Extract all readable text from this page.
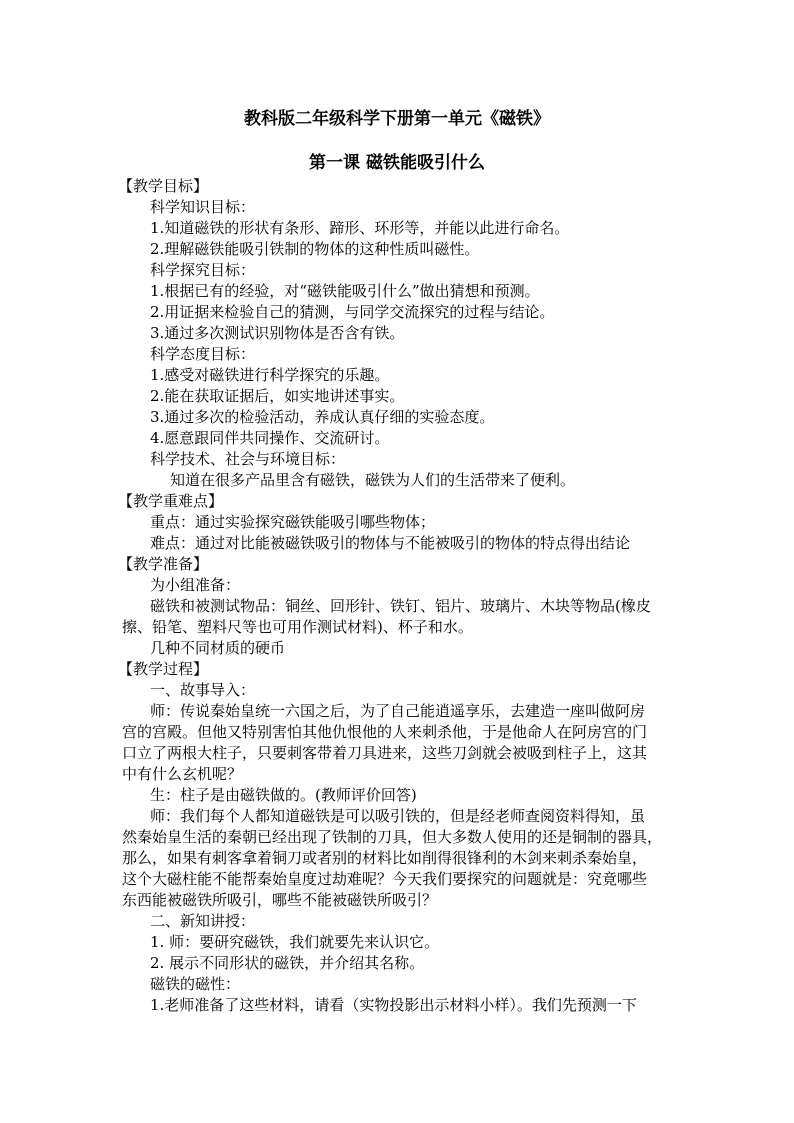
教科版二年级科学下册第一单元《磁铁》
第一课 磁铁能吸引什么
【教学目标】
科学知识目标：
1.知道磁铁的形状有条形、蹄形、环形等，并能以此进行命名。
2.理解磁铁能吸引铁制的物体的这种性质叫磁性。
科学探究目标：
1.根据已有的经验，对“磁铁能吸引什么”做出猜想和预测。
2.用证据来检验自己的猜测，与同学交流探究的过程与结论。
3.通过多次测试识别物体是否含有铁。
科学态度目标：
1.感受对磁铁进行科学探究的乐趣。
2.能在获取证据后，如实地讲述事实。
3.通过多次的检验活动，养成认真仔细的实验态度。
4.愿意跟同伴共同操作、交流研讨。
科学技术、社会与环境目标：
知道在很多产品里含有磁铁，磁铁为人们的生活带来了便利。
【教学重难点】
重点：通过实验探究磁铁能吸引哪些物体；
难点：通过对比能被磁铁吸引的物体与不能被吸引的物体的特点得出结论
【教学准备】
为小组准备：
磁铁和被测试物品：铜丝、回形针、铁钉、铝片、玻璃片、木块等物品(橡皮
擦、铅笔、塑料尺等也可用作测试材料)、杯子和水。
几种不同材质的硬币
【教学过程】
一、故事导入：
师：传说秦始皇统一六国之后，为了自己能逍遥享乐，去建造一座叫做阿房
宫的宫殿。但他又特别害怕其他仇恨他的人来刺杀他，于是他命人在阿房宫的门
口立了两根大柱子，只要刺客带着刀具进来，这些刀剑就会被吸到柱子上，这其
中有什么玄机呢？
生：柱子是由磁铁做的。(教师评价回答)
师：我们每个人都知道磁铁是可以吸引铁的，但是经老师查阅资料得知，虽
然秦始皇生活的秦朝已经出现了铁制的刀具，但大多数人使用的还是铜制的器具，
那么，如果有刺客拿着铜刀或者别的材料比如削得很锋利的木剑来刺杀秦始皇，
这个大磁柱能不能帮秦始皇度过劫难呢？今天我们要探究的问题就是：究竟哪些
东西能被磁铁所吸引，哪些不能被磁铁所吸引？
二、新知讲授：
1. 师：要研究磁铁，我们就要先来认识它。
2. 展示不同形状的磁铁，并介绍其名称。
磁铁的磁性：
1.老师准备了这些材料，请看（实物投影出示材料小样）。我们先预测一下
